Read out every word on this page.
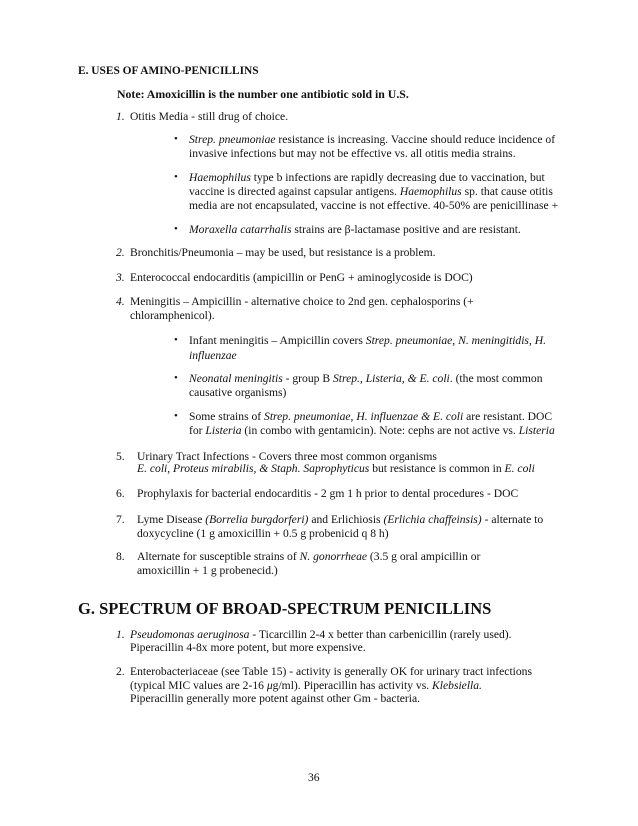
E. USES OF AMINO-PENICILLINS
Note: Amoxicillin is the number one antibiotic sold in U.S.
1. Otitis Media - still drug of choice.
• Strep. pneumoniae resistance is increasing. Vaccine should reduce incidence of
invasive infections but may not be effective vs. all otitis media strains.
• Haemophilus type b infections are rapidly decreasing due to vaccination, but
vaccine is directed against capsular antigens. Haemophilus sp. that cause otitis
media are not encapsulated, vaccine is not effective. 40-50% are penicillinase +
• Moraxella catarrhalis strains are β-lactamase positive and are resistant.
2. Bronchitis/Pneumonia – may be used, but resistance is a problem.
3. Enterococcal endocarditis (ampicillin or PenG + aminoglycoside is DOC)
4. Meningitis – Ampicillin - alternative choice to 2nd gen. cephalosporins (+
chloramphenicol).
• Infant meningitis – Ampicillin covers Strep. pneumoniae, N. meningitidis, H.
influenzae
• Neonatal meningitis - group B Strep., Listeria, & E. coli. (the most common
causative organisms)
• Some strains of Strep. pneumoniae, H. influenzae & E. coli are resistant. DOC
for Listeria (in combo with gentamicin). Note: cephs are not active vs. Listeria
5. Urinary Tract Infections - Covers three most common organisms
E. coli, Proteus mirabilis, & Staph. Saprophyticus but resistance is common in E. coli
6. Prophylaxis for bacterial endocarditis - 2 gm 1 h prior to dental procedures - DOC
7. Lyme Disease (Borrelia burgdorferi) and Erlichiosis (Erlichia chaffeinsis) - alternate to
doxycycline (1 g amoxicillin + 0.5 g probenicid q 8 h)
8. Alternate for susceptible strains of N. gonorrheae (3.5 g oral ampicillin or
amoxicillin + 1 g probenecid.)
G. SPECTRUM OF BROAD-SPECTRUM PENICILLINS
1. Pseudomonas aeruginosa - Ticarcillin 2-4 x better than carbenicillin (rarely used).
Piperacillin 4-8x more potent, but more expensive.
2. Enterobacteriaceae (see Table 15) - activity is generally OK for urinary tract infections
(typical MIC values are 2-16 μg/ml). Piperacillin has activity vs. Klebsiella.
Piperacillin generally more potent against other Gm - bacteria.
36
